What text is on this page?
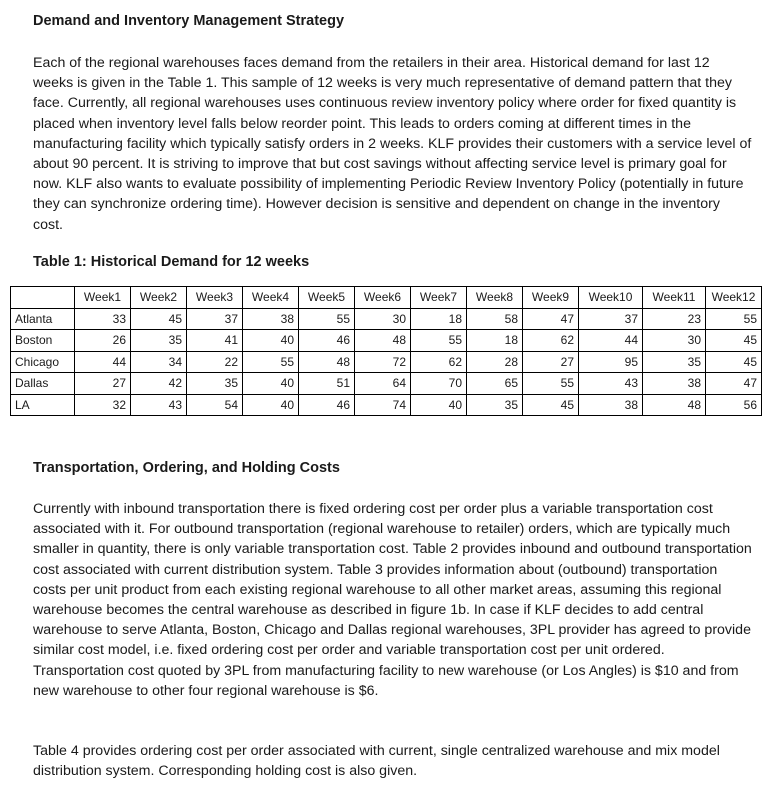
Demand and Inventory Management Strategy

Each of the regional warehouses faces demand from the retailers in their area. Historical demand for last 12 weeks is given in the Table 1. This sample of 12 weeks is very much representative of demand pattern that they face. Currently, all regional warehouses uses continuous review inventory policy where order for fixed quantity is placed when inventory level falls below reorder point. This leads to orders coming at different times in the manufacturing facility which typically satisfy orders in 2 weeks. KLF provides their customers with a service level of about 90 percent. It is striving to improve that but cost savings without affecting service level is primary goal for now. KLF also wants to evaluate possibility of implementing Periodic Review Inventory Policy (potentially in future they can synchronize ordering time). However decision is sensitive and dependent on change in the inventory cost.

Table 1: Historical Demand for 12 weeks
	Week1	Week2	Week3	Week4	Week5	Week6	Week7	Week8	Week9	Week10	Week11	Week12
Atlanta	33	45	37	38	55	30	18	58	47	37	23	55
Boston	26	35	41	40	46	48	55	18	62	44	30	45
Chicago	44	34	22	55	48	72	62	28	27	95	35	45
Dallas	27	42	35	40	51	64	70	65	55	43	38	47
LA	32	43	54	40	46	74	40	35	45	38	48	56
Transportation, Ordering, and Holding Costs

Currently with inbound transportation there is fixed ordering cost per order plus a variable transportation cost associated with it. For outbound transportation (regional warehouse to retailer) orders, which are typically much smaller in quantity, there is only variable transportation cost. Table 2 provides inbound and outbound transportation cost associated with current distribution system. Table 3 provides information about (outbound) transportation costs per unit product from each existing regional warehouse to all other market areas, assuming this regional warehouse becomes the central warehouse as described in figure 1b. In case if KLF decides to add central warehouse to serve Atlanta, Boston, Chicago and Dallas regional warehouses, 3PL provider has agreed to provide similar cost model, i.e. fixed ordering cost per order and variable transportation cost per unit ordered. Transportation cost quoted by 3PL from manufacturing facility to new warehouse (or Los Angles) is $10 and from new warehouse to other four regional warehouse is $6.

Table 4 provides ordering cost per order associated with current, single centralized warehouse and mix model distribution system. Corresponding holding cost is also given.
